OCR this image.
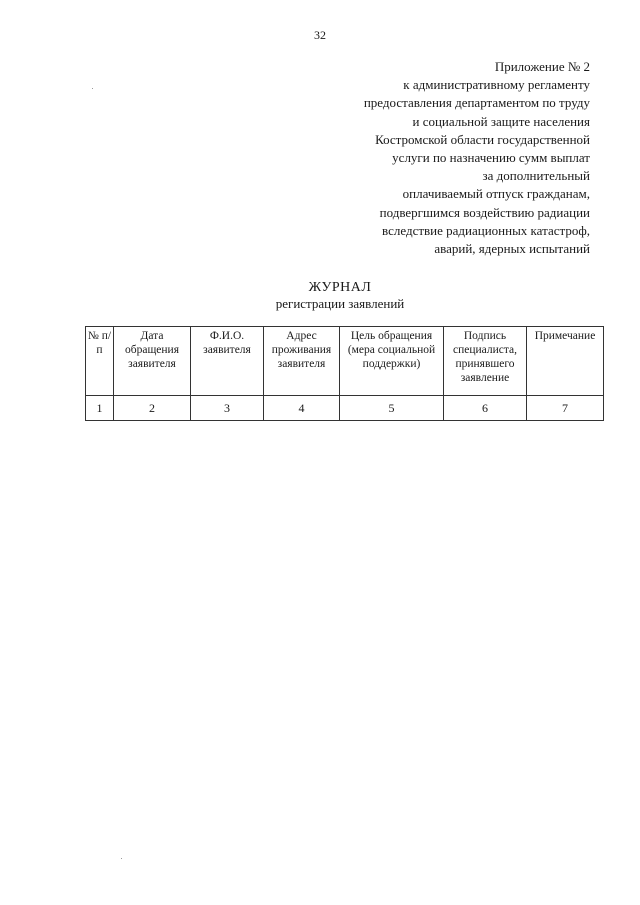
32
Приложение № 2
к административному регламенту
предоставления департаментом по труду
и социальной защите населения
Костромской области государственной
услуги по назначению сумм выплат
за дополнительный
оплачиваемый отпуск гражданам,
подвергшимся воздействию радиации
вследствие радиационных катастроф,
аварий, ядерных испытаний
ЖУРНАЛ
регистрации заявлений
№ п/п	Дата обращения заявителя	Ф.И.О. заявителя	Адрес проживания заявителя	Цель обращения (мера социальной поддержки)	Подпись специалиста, принявшего заявление	Примечание
1	2	3	4	5	6	7
